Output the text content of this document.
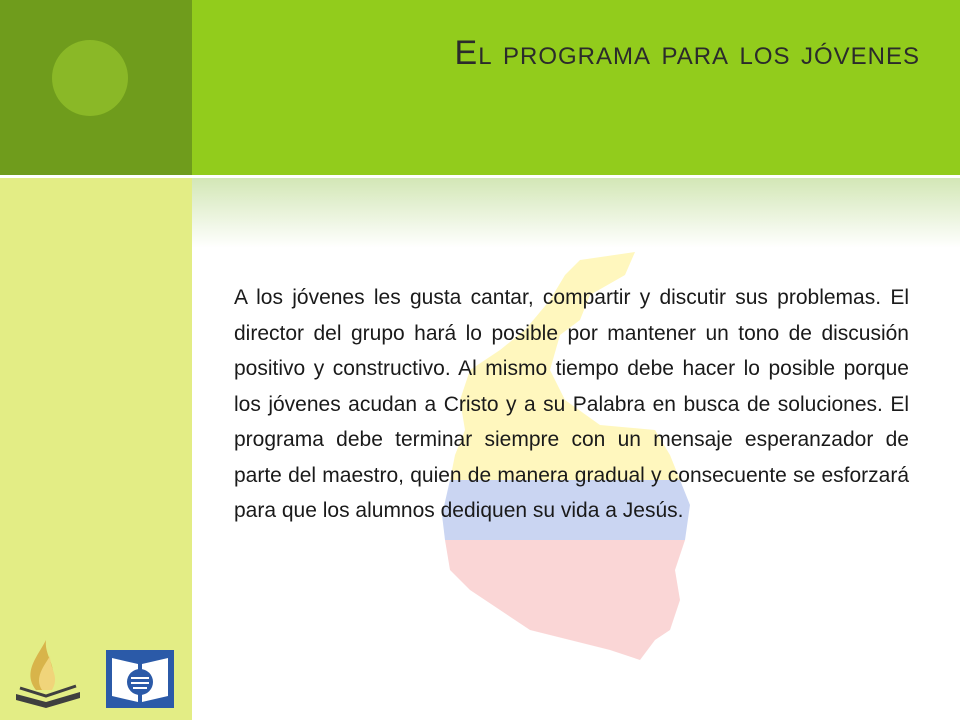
El programa para los jóvenes

A los jóvenes les gusta cantar, compartir y discutir sus problemas. El director del grupo hará lo posible por mantener un tono de discusión positivo y constructivo. Al mismo tiempo debe hacer lo posible porque los jóvenes acudan a Cristo y a su Palabra en busca de soluciones. El programa debe terminar siempre con un mensaje esperanzador de parte del maestro, quien de manera gradual y consecuente se esforzará para que los alumnos dediquen su vida a Jesús.
